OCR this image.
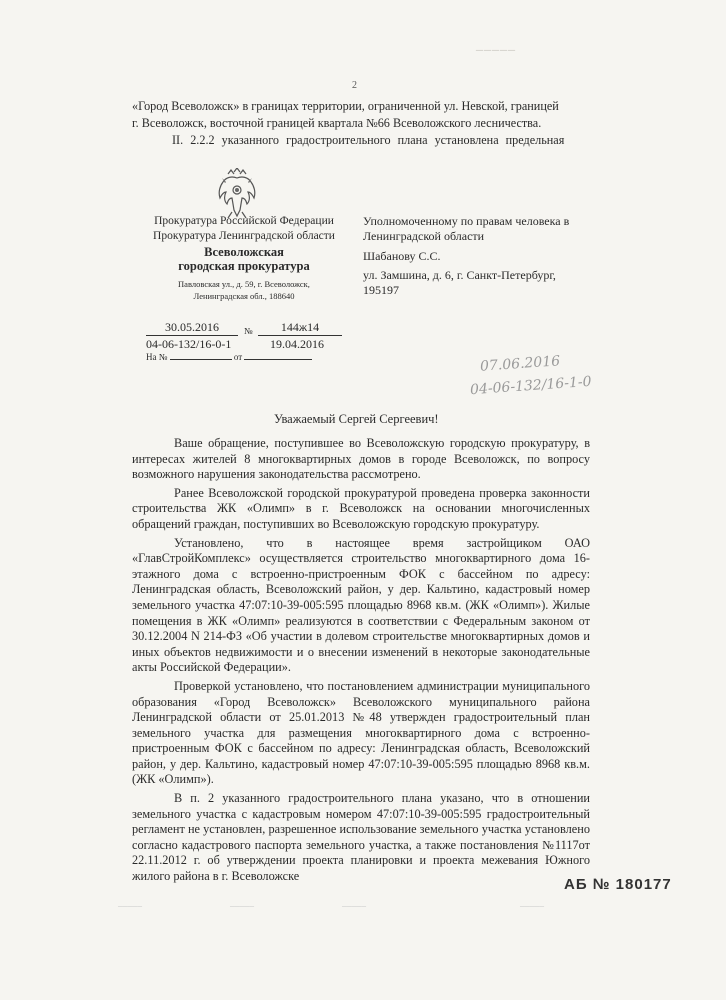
_____
2
«Город Всеволожск» в границах территории, ограниченной ул. Невской, границей
г. Всеволожск, восточной границей квартала №66 Всеволожского лесничества.
II. 2.2.2 указанного градостроительного плана установлена предельная
Прокуратура Российской Федерации
Прокуратура Ленинградской области
Всеволожская
городская прокуратура
Павловская ул., д. 59, г. Всеволожск,
Ленинградская обл., 188640
Уполномоченному по правам человека в Ленинградской области
Шабанову С.С.
ул. Замшина, д. 6, г. Санкт-Петербург, 195197
30.05.2016	№	144ж14
04-06-132/16-0-1	19.04.2016
На №	от	07.06.2016
04-06-132/16-1-0
Уважаемый Сергей Сергеевич!

Ваше обращение, поступившее во Всеволожскую городскую прокуратуру, в интересах жителей 8 многоквартирных домов в городе Всеволожск, по вопросу возможного нарушения законодательства рассмотрено.

Ранее Всеволожской городской прокуратурой проведена проверка законности строительства ЖК «Олимп» в г. Всеволожск на основании многочисленных обращений граждан, поступивших во Всеволожскую городскую прокуратуру.

Установлено, что в настоящее время застройщиком ОАО «ГлавСтройКомплекс» осуществляется строительство многоквартирного дома 16-этажного дома с встроенно-пристроенным ФОК с бассейном по адресу: Ленинградская область, Всеволожский район, у дер. Кальтино, кадастровый номер земельного участка 47:07:10-39-005:595 площадью 8968 кв.м. (ЖК «Олимп»). Жилые помещения в ЖК «Олимп» реализуются в соответствии с Федеральным законом от 30.12.2004 N 214-ФЗ «Об участии в долевом строительстве многоквартирных домов и иных объектов недвижимости и о внесении изменений в некоторые законодательные акты Российской Федерации».

Проверкой установлено, что постановлением администрации муниципального образования «Город Всеволожск» Всеволожского муниципального района Ленинградской области от 25.01.2013 №48 утвержден градостроительный план земельного участка для размещения многоквартирного дома с встроенно-пристроенным ФОК с бассейном по адресу: Ленинградская область, Всеволожский район, у дер. Кальтино, кадастровый номер 47:07:10-39-005:595 площадью 8968 кв.м. (ЖК «Олимп»).

В п. 2 указанного градостроительного плана указано, что в отношении земельного участка с кадастровым номером 47:07:10-39-005:595 градостроительный регламент не установлен, разрешенное использование земельного участка установлено согласно кадастрового паспорта земельного участка, а также постановления №1117от 22.11.2012 г. об утверждении проекта планировки и проекта межевания Южного жилого района в г. Всеволожске	АБ № 180177
_____	_____	_____	_____
